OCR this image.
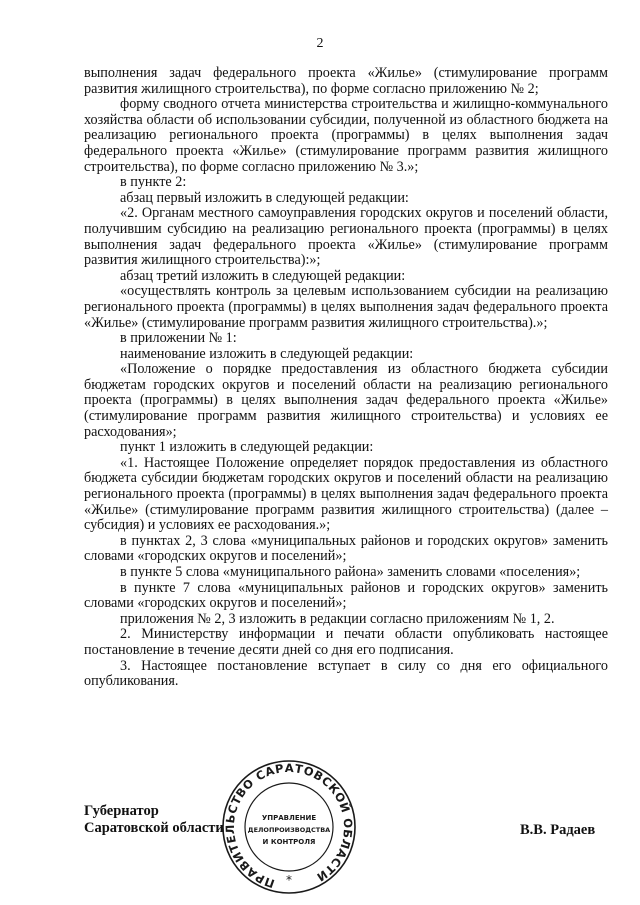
2

выполнения задач федерального проекта «Жилье» (стимулирование программ развития жилищного строительства), по форме согласно приложению № 2;

форму сводного отчета министерства строительства и жилищно-коммунального хозяйства области об использовании субсидии, полученной из областного бюджета на реализацию регионального проекта (программы) в целях выполнения задач федерального проекта «Жилье» (стимулирование программ развития жилищного строительства), по форме согласно приложению № 3.»;

в пункте 2:

абзац первый изложить в следующей редакции:

«2. Органам местного самоуправления городских округов и поселений области, получившим субсидию на реализацию регионального проекта (программы) в целях выполнения задач федерального проекта «Жилье» (стимулирование программ развития жилищного строительства):»;

абзац третий изложить в следующей редакции:

«осуществлять контроль за целевым использованием субсидии на реализацию регионального проекта (программы) в целях выполнения задач федерального проекта «Жилье» (стимулирование программ развития жилищного строительства).»;

в приложении № 1:

наименование изложить в следующей редакции:

«Положение о порядке предоставления из областного бюджета субсидии бюджетам городских округов и поселений области на реализацию регионального проекта (программы) в целях выполнения задач федерального проекта «Жилье» (стимулирование программ развития жилищного строительства) и условиях ее расходования»;

пункт 1 изложить в следующей редакции:

«1. Настоящее Положение определяет порядок предоставления из областного бюджета субсидии бюджетам городских округов и поселений области на реализацию регионального проекта (программы) в целях выполнения задач федерального проекта «Жилье» (стимулирование программ развития жилищного строительства) (далее – субсидия) и условиях ее расходования.»;

в пунктах 2, 3 слова «муниципальных районов и городских округов» заменить словами «городских округов и поселений»;

в пункте 5 слова «муниципального района» заменить словами «поселения»;

в пункте 7 слова «муниципальных районов и городских округов» заменить словами «городских округов и поселений»;

приложения № 2, 3 изложить в редакции согласно приложениям № 1, 2.

2. Министерству информации и печати области опубликовать настоящее постановление в течение десяти дней со дня его подписания.

3. Настоящее постановление вступает в силу со дня его официального опубликования.

Губернатор
Саратовской области	В.В. Радаев
ПРАВИТЕЛЬСТВО САРАТОВСКОЙ ОБЛАСТИ
УПРАВЛЕНИЕ
ДЕЛОПРОИЗВОДСТВА
И КОНТРОЛЯ
*
